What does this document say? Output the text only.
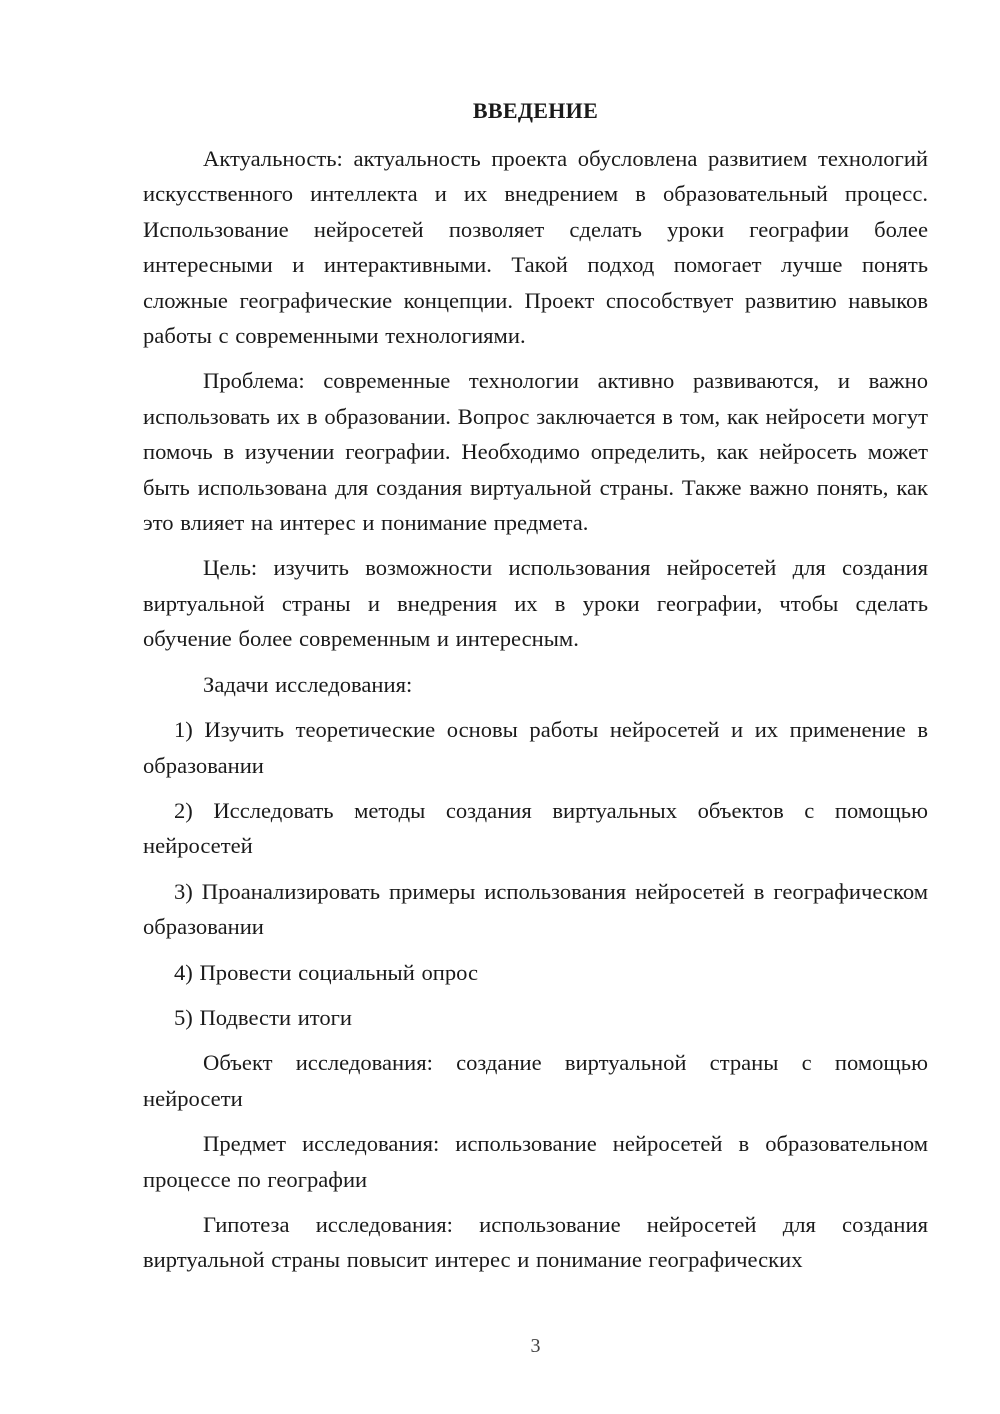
ВВЕДЕНИЕ

Актуальность: актуальность проекта обусловлена развитием технологий искусственного интеллекта и их внедрением в образовательный процесс. Использование нейросетей позволяет сделать уроки географии более интересными и интерактивными. Такой подход помогает лучше понять сложные географические концепции. Проект способствует развитию навыков работы с современными технологиями.

Проблема: современные технологии активно развиваются, и важно использовать их в образовании. Вопрос заключается в том, как нейросети могут помочь в изучении географии. Необходимо определить, как нейросеть может быть использована для создания виртуальной страны. Также важно понять, как это влияет на интерес и понимание предмета.

Цель: изучить возможности использования нейросетей для создания виртуальной страны и внедрения их в уроки географии, чтобы сделать обучение более современным и интересным.

Задачи исследования:

1) Изучить теоретические основы работы нейросетей и их применение в образовании

2) Исследовать методы создания виртуальных объектов с помощью нейросетей

3) Проанализировать примеры использования нейросетей в географическом образовании

4) Провести социальный опрос

5) Подвести итоги

Объект исследования: создание виртуальной страны с помощью нейросети

Предмет исследования: использование нейросетей в образовательном процессе по географии

Гипотеза исследования: использование нейросетей для создания виртуальной страны повысит интерес и понимание географических

3
